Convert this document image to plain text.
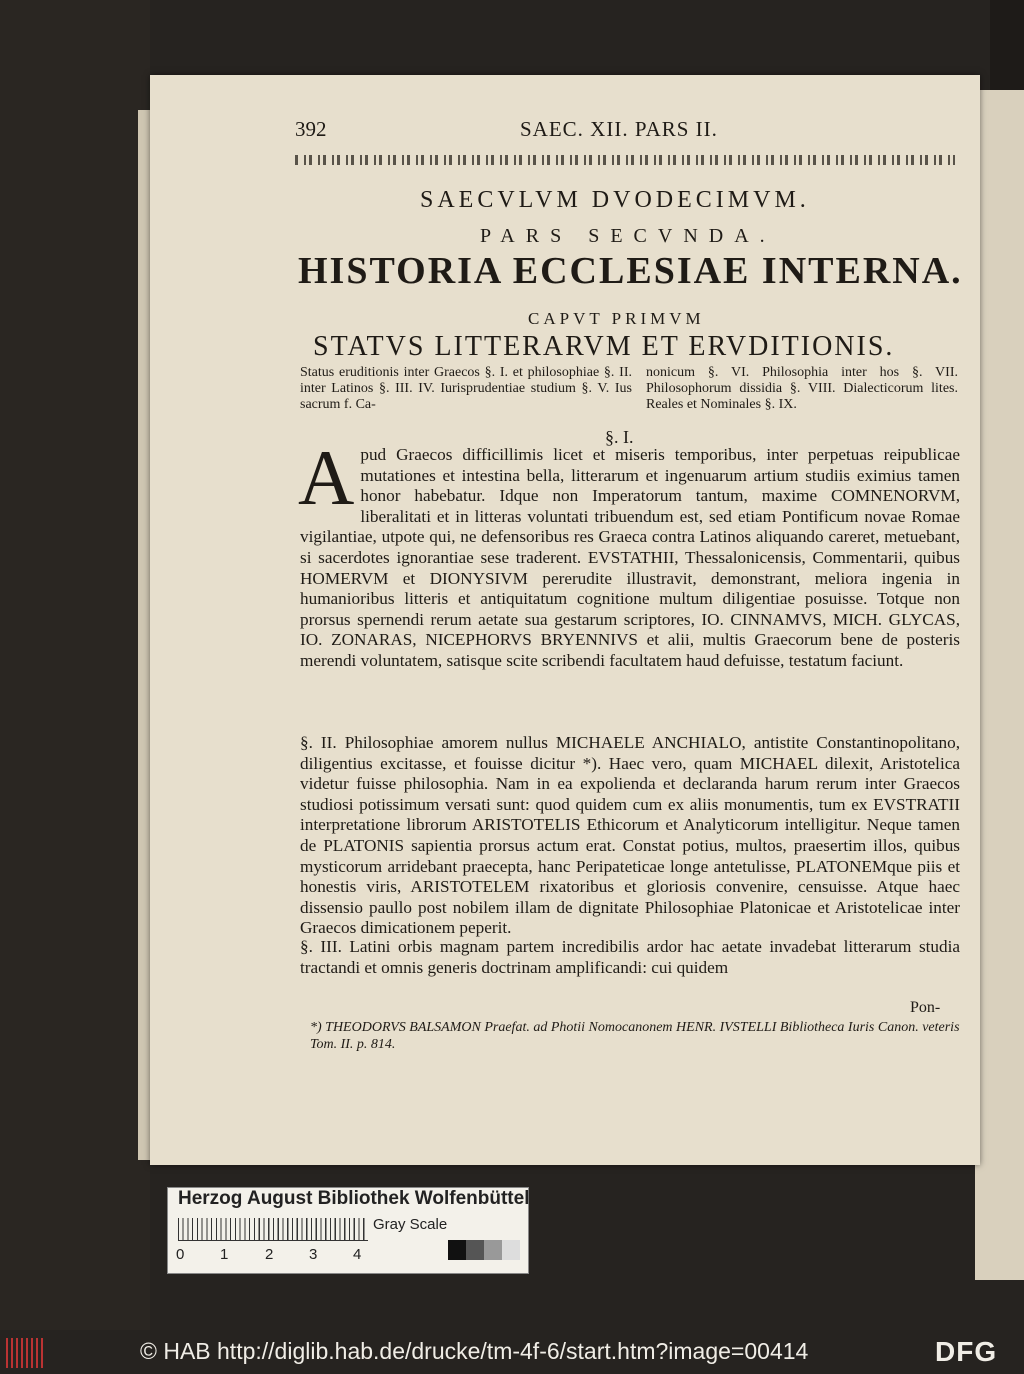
392	SAEC. XII. PARS II.
SAECVLVM DVODECIMVM.
PARS SECVNDA.
HISTORIA ECCLESIAE INTERNA.
CAPVT PRIMVM
STATVS LITTERARVM ET ERVDITIONIS.
Status eruditionis inter Graecos §. I. et philosophiae §. II. inter Latinos §. III. IV. Iurisprudentiae studium §. V. Ius sacrum f. Ca-
nonicum §. VI. Philosophia inter hos §. VII. Philosophorum dissidia §. VIII. Dialecticorum lites. Reales et Nominales §. IX.
§. I.
Apud Graecos difficillimis licet et miseris temporibus, inter perpetuas reipublicae mutationes et intestina bella, litterarum et ingenuarum artium studiis eximius tamen honor habebatur. Idque non Imperatorum tantum, maxime COMNENORVM, liberalitati et in litteras voluntati tribuendum est, sed etiam Pontificum novae Romae vigilantiae, utpote qui, ne defensoribus res Graeca contra Latinos aliquando careret, metuebant, si sacerdotes ignorantiae sese traderent. EVSTATHII, Thessalonicensis, Commentarii, quibus HOMERVM et DIONYSIVM pererudite illustravit, demonstrant, meliora ingenia in humanioribus litteris et antiquitatum cognitione multum diligentiae posuisse. Totque non prorsus spernendi rerum aetate sua gestarum scriptores, IO. CINNAMVS, MICH. GLYCAS, IO. ZONARAS, NICEPHORVS BRYENNIVS et alii, multis Graecorum bene de posteris merendi voluntatem, satisque scite scribendi facultatem haud defuisse, testatum faciunt.
§. II. Philosophiae amorem nullus MICHAELE ANCHIALO, antistite Constantinopolitano, diligentius excitasse, et fouisse dicitur *). Haec vero, quam MICHAEL dilexit, Aristotelica videtur fuisse philosophia. Nam in ea expolienda et declaranda harum rerum inter Graecos studiosi potissimum versati sunt: quod quidem cum ex aliis monumentis, tum ex EVSTRATII interpretatione librorum ARISTOTELIS Ethicorum et Analyticorum intelligitur. Neque tamen de PLATONIS sapientia prorsus actum erat. Constat potius, multos, praesertim illos, quibus mysticorum arridebant praecepta, hanc Peripateticae longe antetulisse, PLATONEMque piis et honestis viris, ARISTOTELEM rixatoribus et gloriosis convenire, censuisse. Atque haec dissensio paullo post nobilem illam de dignitate Philosophiae Platonicae et Aristotelicae inter Graecos dimicationem peperit.
§. III. Latini orbis magnam partem incredibilis ardor hac aetate invadebat litterarum studia tractandi et omnis generis doctrinam amplificandi: cui quidem
Pon-
*) THEODORVS BALSAMON Praefat. ad Photii Nomocanonem HENR. IVSTELLI Bibliotheca Iuris Canon. veteris Tom. II. p. 814.
Herzog August Bibliothek Wolfenbüttel
0 1 2 3 4
Gray Scale
© HAB http://diglib.hab.de/drucke/tm-4f-6/start.htm?image=00414	DFG
